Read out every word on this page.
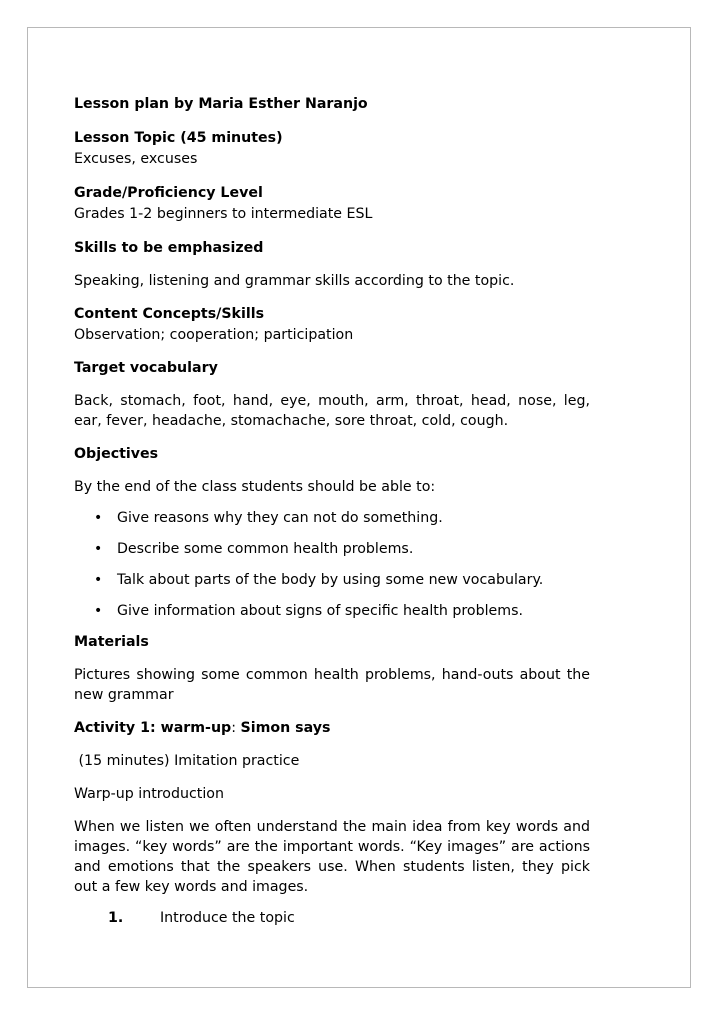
Lesson plan by Maria Esther Naranjo

Lesson Topic (45 minutes)

Excuses, excuses

Grade/Proficiency Level

Grades 1-2 beginners to intermediate ESL

Skills to be emphasized

Speaking, listening and grammar skills according to the topic.

Content Concepts/Skills

Observation; cooperation; participation

Target vocabulary

Back, stomach, foot, hand, eye, mouth, arm, throat, head, nose, leg, ear, fever, headache, stomachache, sore throat, cold, cough.

Objectives

By the end of the class students should be able to:

• Give reasons why they can not do something.
• Describe some common health problems.
• Talk about parts of the body by using some new vocabulary.
• Give information about signs of specific health problems.

Materials

Pictures showing some common health problems, hand-outs about the new grammar

Activity 1: warm-up: Simon says

(15 minutes) Imitation practice

Warp-up introduction

When we listen we often understand the main idea from key words and images. “key words” are the important words. “Key images” are actions and emotions that the speakers use. When students listen, they pick out a few key words and images.

1.	Introduce the topic
